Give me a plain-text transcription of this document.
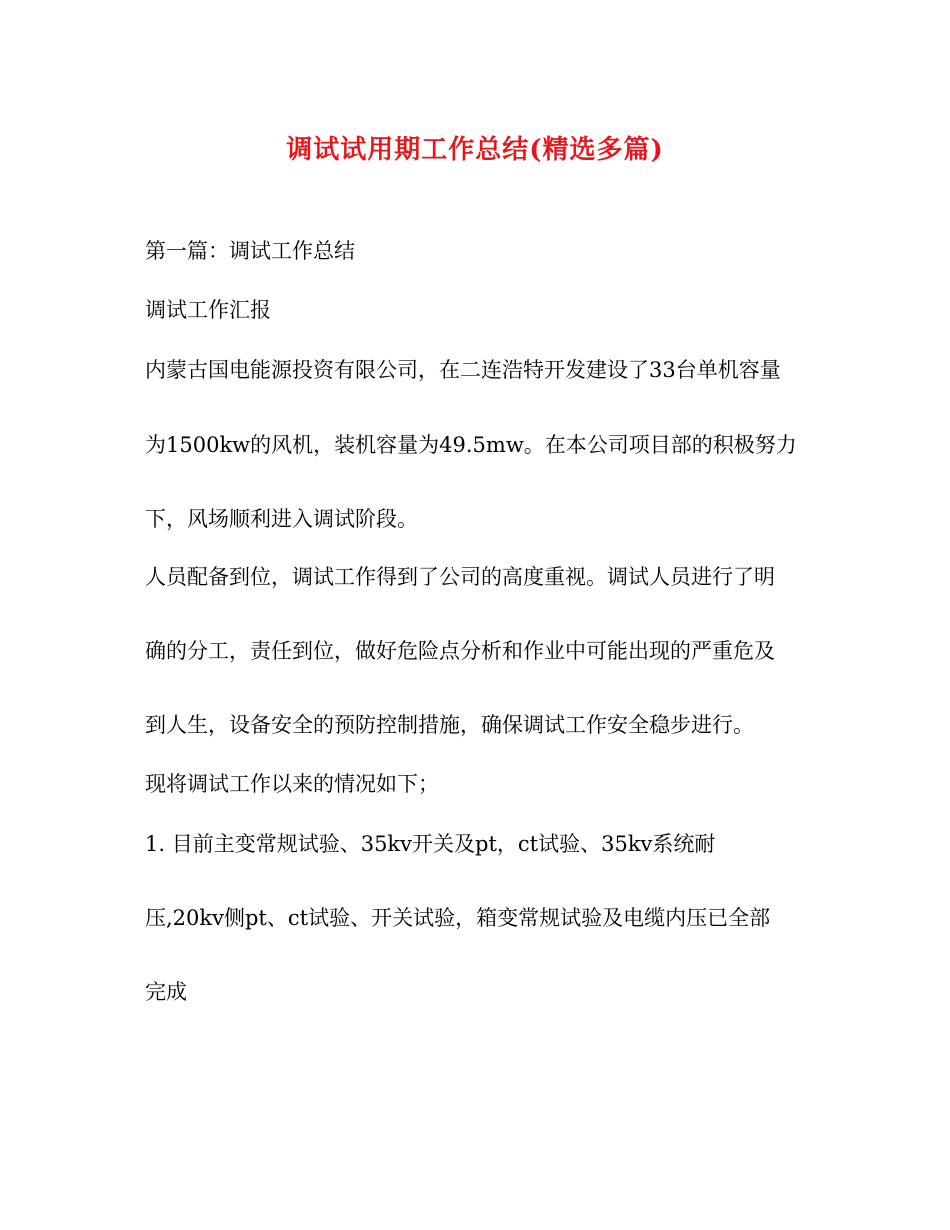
调试试用期工作总结(精选多篇)
第一篇：调试工作总结
调试工作汇报
内蒙古国电能源投资有限公司，在二连浩特开发建设了33台单机容量
为1500kw的风机，装机容量为49.5mw。在本公司项目部的积极努力
下，风场顺利进入调试阶段。
人员配备到位，调试工作得到了公司的高度重视。调试人员进行了明
确的分工，责任到位，做好危险点分析和作业中可能出现的严重危及
到人生，设备安全的预防控制措施，确保调试工作安全稳步进行。
现将调试工作以来的情况如下；
1. 目前主变常规试验、35kv开关及pt，ct试验、35kv系统耐
压,20kv侧pt、ct试验、开关试验，箱变常规试验及电缆内压已全部
完成
